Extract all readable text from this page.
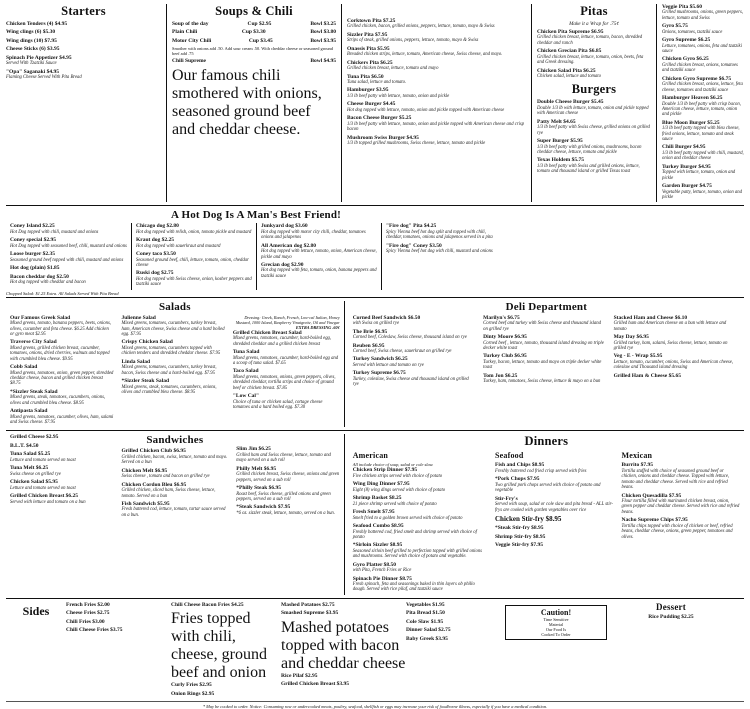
Starters
Chicken Tenders (4) $4.95
Wing clings (6) $5.30
Wing dings (10) $7.95
Cheese Sticks (6) $3.95
Spinach Pie Appetizer $4.95
Served With Tzatziki Sauce
"Opa" Saganaki $4.95
Flaming Cheese Served With Pita Bread
Soups & Chili
Soup of the day	Cup $2.95	Bowl $3.25
Plain Chili	Cup $3.30	Bowl $3.80
Motor City Chili	Cup $3.45	Bowl $3.95
Smother with onions add .50. Add sour cream .50. With cheddar cheese or seasoned ground beef add .75
Chili Supreme	Bowl $4.95
Our famous chili smothered with onions, seasoned ground beef and cheddar cheese.
Corktown Pita $7.25
Grilled chicken, bacon, grilled onions, peppers, lettuce, tomato, mayo & Swiss
Sizzler Pita $7.95
Strips of steak, grilled onions, peppers, lettuce, tomato, mayo & Swiss
Onassis Pita $5.95
Breaded chicken strips, lettuce, tomato, American cheese, Swiss cheese, and mayo.
Chickers Pita $6.25
Grilled chicken breast, lettuce, tomato and mayo
Tuna Pita $6.50
Tuna salad, lettuce and tomato.
Hamburger $3.95
1/3 lb beef patty with lettuce, tomato, onion and pickle
Cheese Burger $4.45
Hot dog topped with lettuce, tomato, onion and pickle topped with American cheese
Bacon Cheese Burger $5.25
1/3 lb beef patty with lettuce, tomato, onion and pickle topped with American cheese and crisp bacon
Mushroom Swiss Burger $4.95
1/3 lb topped grilled mushrooms, Swiss cheese, lettuce, tomato and pickle
Pitas
Make it a Wrap for .75¢
Chicken Pita Supreme $6.95
Grilled chicken breast, lettuce, tomato, bacon, shredded cheddar and ranch
Chicken Grecian Pita $6.85
Grilled chicken breast, lettuce, tomato, onion, beets, feta and Greek dressing.
Chicken Salad Pita $6.25
Chicken salad, lettuce and tomato
Burgers
Double Cheese Burger $5.45
Double 1/3 lb with lettuce, tomato, onion and pickle topped with American cheese
Patty Melt $4.65
1/3 lb beef patty with Swiss cheese, grilled onions on grilled rye
Super Burger $5.95
1/3 lb beef patty with grilled onions, mushrooms, bacon cheddar cheese, lettuce, tomato and pickle
Texas Holdem $5.75
1/3 lb beef patty with Swiss and grilled onions, lettuce, tomato and thousand island or grilled Texas toast
Veggie Pita $5.60
Grilled mushrooms, onions, green peppers, lettuce, tomato and Swiss
Gyro $5.75
Onions, tomatoes, tzatziki sauce
Gyro Supreme $6.25
Lettuce, tomatoes, onions, feta and tzatziki sauce
Chicken Gyro $6.25
Grilled chicken breast, onions, tomatoes and tzatziki sauce
Chicken Gyro Supreme $6.75
Grilled chicken breast, onions, lettuce, feta cheese, tomatoes and tzatziki sauce
Hamburger Heaven $6.25
Double 1/3 lb beef patty with crisp bacon, American cheese, lettuce, tomato, onion and pickle
Blue Moon Burger $5.25
1/3 lb beef patty topped with bleu cheese, fried onions, lettuce, tomato and steak sauce
Chili Burger $4.95
1/3 lb beef patty topped with chili, mustard, onion and cheddar cheese
Turkey Burger $4.95
Topped with lettuce, tomato, onion and pickle
Garden Burger $4.75
Vegetable patty, lettuce, tomato, onion and pickle
A Hot Dog Is A Man's Best Friend!
Coney Island $2.25
Hot Dog topped with chili, mustard and onions
Coney special $2.95
Hot Dog topped with seasoned beef, chili, mustard and onions
Loose burger $2.35
Seasoned ground beef topped with chili, mustard and onions
Hot dog (plain) $1.85
Bacon cheddar dog $2.50
Hot dog topped with cheddar and bacon
Chicago dog $2.80
Hot dog topped with relish, onion, tomato pickle and mustard
Kraut dog $2.25
Hot dog topped with sauerkraut and mustard
Coney taco $3.50
Seasoned ground beef, chili, lettuce, tomato, onion, cheddar cheese
Ruski dog $2.75
Hot dog topped with Swiss cheese, onion, kosher peppers and tzatziki sauce
Junkyard dog $3.60
Hot dog topped with motor city chili, cheddar, tomatoes onions and jalapenos
All American dog $2.80
Hot dog topped with lettuce, tomato, onion, American cheese, pickle and mayo
Grecian dog $2.90
Hot dog topped with feta, tomato, onion, banana peppers and tzatziki sauce
"Fire dog" Pita $4.25
Spicy Vienna beef hot dog split and topped with chili, cheddar, tomatoes, onions and jalapenos served in a pita
"Fire dog" Coney $3.50
Spicy Vienna beef hot dog with chili, mustard and onions
Chopped Salad: $1.25 Extra. All Salads Served With Pita Bread
Salads
Our Famous Greek Salad
Mixed greens, tomato, banana peppers, beets, onions, olives, cucumber and feta cheese. $6.25 Add chicken or gyro meat $2.95
Traverse City Salad
Mixed greens, grilled chicken breast, cucumber, tomatoes, onions, dried cherries, walnuts and topped with crumbled bleu cheese. $9.95
Cobb Salad
Mixed greens, tomatoes, onion, green pepper, shredded cheddar cheese, bacon and grilled chicken breast $8.75
*Sizzler Steak Salad
Mixed greens, steak, tomatoes, cucumbers, onions, olives and crumbled bleu cheese. $8.95
Antipasta Salad
Mixed greens, tomatoes, cucumber, olives, ham, salami and Swiss cheese. $7.95
Julienne Salad
Mixed greens, tomatoes, cucumbers, turkey breast, ham, American cheese, Swiss cheese and a hard boiled egg. $7.95
Crispy Chicken Salad
Mixed greens, tomatoes, cucumbers topped with chicken tenders and shredded cheddar cheese. $7.95
Linda Salad
Mixed greens, tomatoes, cucumbers, turkey breast, bacon, Swiss cheese and a hard-boiled egg. $7.95
*Sizzler Steak Salad
Mixed greens, steak, tomatoes, cucumbers, onions, olives and crumbled bleu cheese. $8.95
Dressing: Greek, Ranch, French, Low-cal Italian, Honey Mustard, 1000 Island, Raspberry Vinaigrette, Oil and Vinegar
EXTRA DRESSING .60¢
Grilled Chicken Breast Salad
Mixed greens, tomatoes, cucumber, hard-boiled egg, shredded cheddar and a grilled chicken breast
Tuna Salad
Mixed greens, tomatoes, cucumber, hard-boiled egg and a scoop of tuna salad. $7.65
Taco Salad
Mixed greens, tomatoes, onions, green peppers, olives, shredded cheddar, tortilla strips and choice of ground beef or chicken breast. $7.85
"Low Cal"
Choice of tuna or chicken salad, cottage cheese tomatoes and a hard boiled egg. $7.30
Deli Department
Corned Beef Sandwich $6.50
with Swiss on grilled rye
The Brie $6.95
Corned beef, Coleslaw, Swiss cheese, thousand island on rye
Reuben $6.95
Corned beef, Swiss cheese, sauerkraut on grilled rye
Turkey Sandwich $6.25
Served with lettuce and tomato on rye
Turkey Supreme $6.75
Turkey, coleslaw, Swiss cheese and thousand island on grilled rye
Marilyn's $6.75
Corned beef and turkey with Swiss cheese and thousand island on grilled rye
Dinty Moore $6.95
Corned beef , lettuce, tomato, thousand island dressing on triple decker white toast
Turkey Club $6.95
Turkey, bacon, lettuce, tomato and mayo on triple decker white toast
Tom Jon $6.25
Turkey, ham, tomatoes, Swiss cheese, lettuce & mayo on a bun
Stacked Ham and Cheese $6.10
Grilled ham and American cheese on a bun with lettuce and tomato
May Day $6.95
Grilled turkey, ham, salami, Swiss cheese, lettuce, tomato on grilled rye
Veg - E - Wrap $5.95
Lettuce, tomato, cucumber, onions, Swiss and American cheese, coleslaw and Thousand island dressing
Grilled Ham & Cheese $5.65
Grilled Cheese $2.95
B.L.T. $4.50
Tuna Salad $5.25
Lettuce and tomato served on toast
Tuna Melt $6.25
Swiss cheese on grilled rye
Chicken Salad $5.95
Lettuce and tomato served on toast
Grilled Chicken Breast $6.25
Served with lettuce and tomato on a bun
Sandwiches
Grilled Chicken Club $6.95
Grilled chicken, bacon, swiss, lettuce, tomato and mayo. Served on a bun
Chicken Melt $6.95
Swiss cheese , tomato and bacon on grilled rye
Chicken Cordon Bleu $6.95
Grilled chicken, sliced ham, Swiss cheese, lettuce, tomato. Served on a bun
Fish Sandwich $5.95
Fresh battered cod, lettuce, tomato, tartar sauce served on a bun.
Slim Jim $6.25
Grilled ham and Swiss cheese, lettuce, tomato and mayo served on a sub roll
Philly Melt $6.95
Grilled chicken breast, Swiss cheese, onions and green peppers, served on a sub roll
*Philly Steak $6.95
Roast beef, Swiss cheese, grilled onions and green peppers, served on a sub roll
*Steak Sandwich $7.95
*6 oz. sizzler steak, lettuce, tomato, served on a bun.
Dinners
American
All include choice of soup, salad or cole slaw.
Chicken Strip Dinner $7.95
Five chicken strips served with choice of potato
Wing Ding Dinner $7.95
Eight (8) wing dings served with choice of potato
Shrimp Basket $8.25
21 piece shrimp served with choice of potato
Fresh Smelt $7.95
Smelt fried to a golden brown served with choice of potato
Seafood Combo $8.95
Freshly battered cod, fried smelt and shrimp served with choice of potato
*Sirloin Sizzler $8.95
Seasoned sirloin beef grilled to perfection topped with grilled onions and mushrooms. Served with choice of potato and vegetable.
Gyro Platter $8.50
with Pita, French Fries or Rice
Spinach Pie Dinner $8.75
Fresh spinach, feta and seasonings baked in thin layers ob phillo dough. Served with rice pilaf, and tzatziki sauce
Seafood
Fish and Chips $8.95
Freshly battered cod fried crisp served with fries
*Pork Chops $7.95
Two grilled pork chops served with choice of potato and vegetable
Stir-Fry's
Served with soup, salad or cole slaw and pita bread - ALL stir-frys are cooked with garden vegetables over rice
Chicken Stir-fry $8.95
*Steak Stir-fry $8.95
Shrimp Stir-fry $8.95
Veggie Stir-fry $7.95
Mexican
Burrito $7.95
Tortilla stuffed with choice of seasoned ground beef or chicken, onions and cheddar cheese. Topped with lettuce, tomato and cheddar cheese. Served with rice and refried beans.
Chicken Quesadilla $7.95
Flour tortilla filled with marinated chicken breast, onion, green pepper and cheddar cheese. Served with rice and refried beans.
Nacho Supreme Chips $7.95
Tortilla chips topped with choice of chicken or beef, refried beans, cheddar cheese, onions, green pepper, tomatoes and olives.
Sides	French Fries $2.00
Cheese Fries $2.75
Chili Fries $3.00
Chili Cheese Fries $3.75
Chili Cheese Bacon Fries $4.25
Fries topped with chili, cheese, ground beef and onion
Curly Fries $2.95
Onion Rings $2.95
Mashed Potatoes $2.75
Smashed Supreme $3.95
Mashed potatoes topped with bacon and cheddar cheese
Rice Pilaf $2.95
Grilled Chicken Breast $3.95
Vegetables $1.95
Pita Bread $1.50
Cole Slaw $1.95
Dinner Salad $2.75
Baby Greek $3.95
Caution!
Time Sensitive
Material
Our Food Is
Cooked To Order
Dessert
Rice Pudding $2.25
* May be cooked to order. Notice: Consuming raw or undercooked meats, poultry, seafood, shellfish or eggs may increase your risk of foodborne illness, especially if you have a medical condition.
